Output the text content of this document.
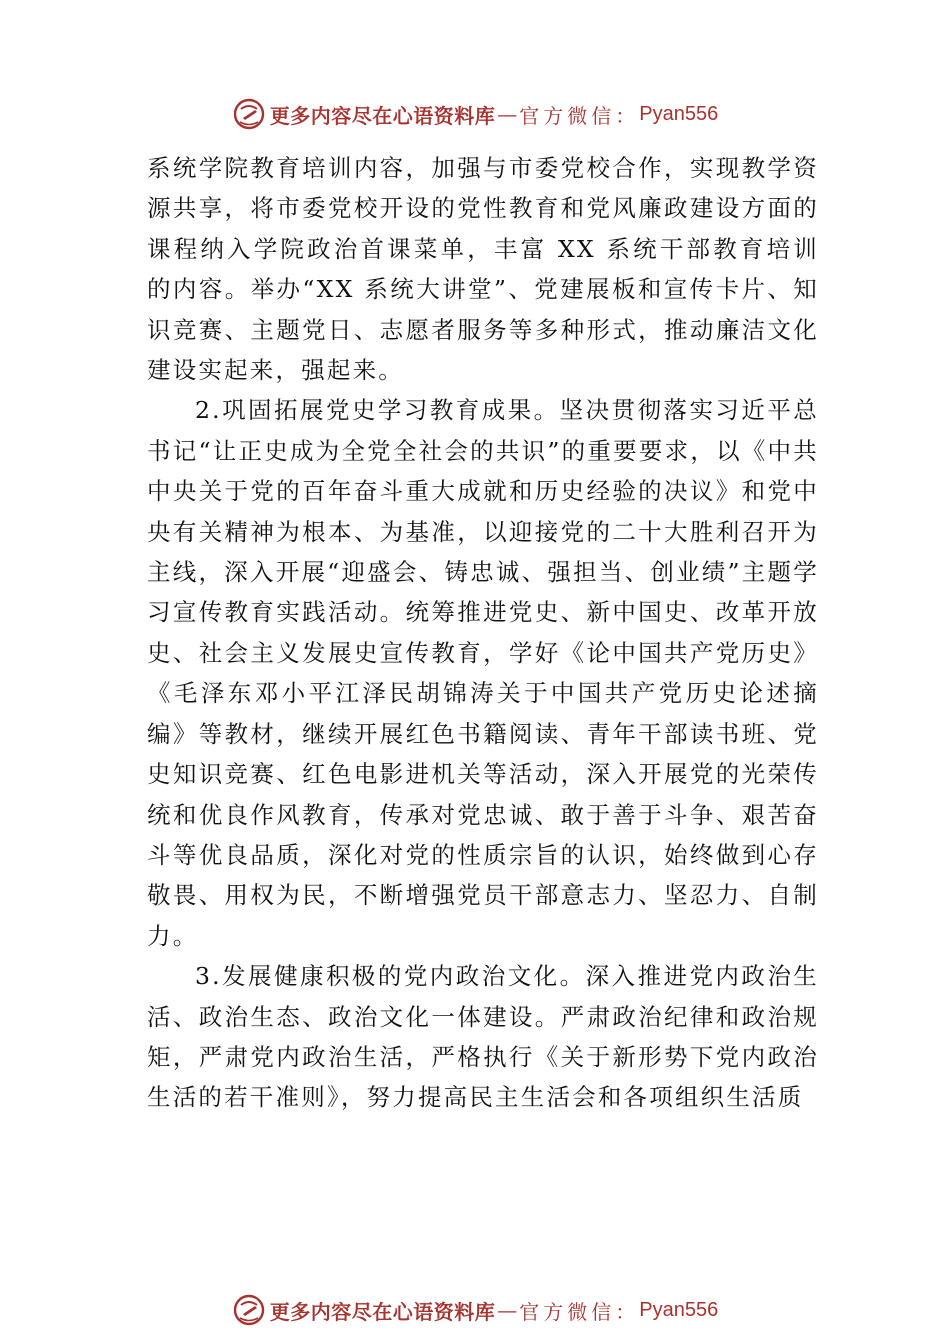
更多内容尽在心语资料库 — 官方微信： Pyan556

系统学院教育培训内容，加强与市委党校合作，实现教学资源共享，将市委党校开设的党性教育和党风廉政建设方面的课程纳入学院政治首课菜单，丰富 XX 系统干部教育培训的内容。举办“XX 系统大讲堂”、党建展板和宣传卡片、知识竞赛、主题党日、志愿者服务等多种形式，推动廉洁文化建设实起来，强起来。

2.巩固拓展党史学习教育成果。坚决贯彻落实习近平总书记“让正史成为全党全社会的共识”的重要要求，以《中共中央关于党的百年奋斗重大成就和历史经验的决议》和党中央有关精神为根本、为基准，以迎接党的二十大胜利召开为主线，深入开展“迎盛会、铸忠诚、强担当、创业绩”主题学习宣传教育实践活动。统筹推进党史、新中国史、改革开放史、社会主义发展史宣传教育，学好《论中国共产党历史》《毛泽东邓小平江泽民胡锦涛关于中国共产党历史论述摘编》等教材，继续开展红色书籍阅读、青年干部读书班、党史知识竞赛、红色电影进机关等活动，深入开展党的光荣传统和优良作风教育，传承对党忠诚、敢于善于斗争、艰苦奋斗等优良品质，深化对党的性质宗旨的认识，始终做到心存敬畏、用权为民，不断增强党员干部意志力、坚忍力、自制力。

3.发展健康积极的党内政治文化。深入推进党内政治生活、政治生态、政治文化一体建设。严肃政治纪律和政治规矩，严肃党内政治生活，严格执行《关于新形势下党内政治生活的若干准则》，努力提高民主生活会和各项组织生活质

更多内容尽在心语资料库 — 官方微信： Pyan556
